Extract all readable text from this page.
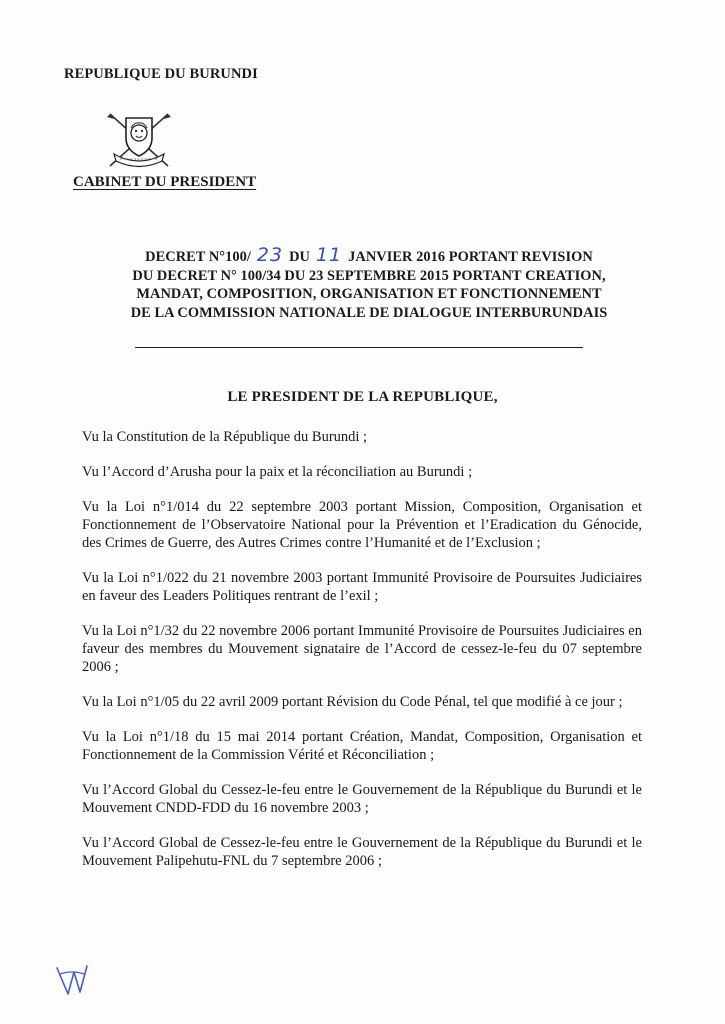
REPUBLIQUE DU BURUNDI
CABINET DU PRESIDENT
DECRET N°100/ 23 DU 11 JANVIER 2016 PORTANT REVISION
DU DECRET N° 100/34 DU 23 SEPTEMBRE 2015 PORTANT CREATION,
MANDAT, COMPOSITION, ORGANISATION ET FONCTIONNEMENT
DE LA COMMISSION NATIONALE DE DIALOGUE INTERBURUNDAIS
LE PRESIDENT DE LA REPUBLIQUE,

Vu la Constitution de la République du Burundi ;

Vu l’Accord d’Arusha pour la paix et la réconciliation au Burundi ;

Vu la Loi n°1/014 du 22 septembre 2003 portant Mission, Composition, Organisation et Fonctionnement de l’Observatoire National pour la Prévention et l’Eradication du Génocide, des Crimes de Guerre, des Autres Crimes contre l’Humanité et de l’Exclusion ;

Vu la Loi n°1/022 du 21 novembre 2003 portant Immunité Provisoire de Poursuites Judiciaires en faveur des Leaders Politiques rentrant de l’exil ;

Vu la Loi n°1/32 du 22 novembre 2006 portant Immunité Provisoire de Poursuites Judiciaires en faveur des membres du Mouvement signataire de l’Accord de cessez-le-feu du 07 septembre 2006 ;

Vu la Loi n°1/05 du 22 avril 2009 portant Révision du Code Pénal, tel que modifié à ce jour ;

Vu la Loi n°1/18 du 15 mai 2014 portant Création, Mandat, Composition, Organisation et Fonctionnement de la Commission Vérité et Réconciliation ;

Vu l’Accord Global du Cessez-le-feu entre le Gouvernement de la République du Burundi et le Mouvement CNDD-FDD du 16 novembre 2003 ;

Vu l’Accord Global de Cessez-le-feu entre le Gouvernement de la République du Burundi et le Mouvement Palipehutu-FNL du 7 septembre 2006 ;
